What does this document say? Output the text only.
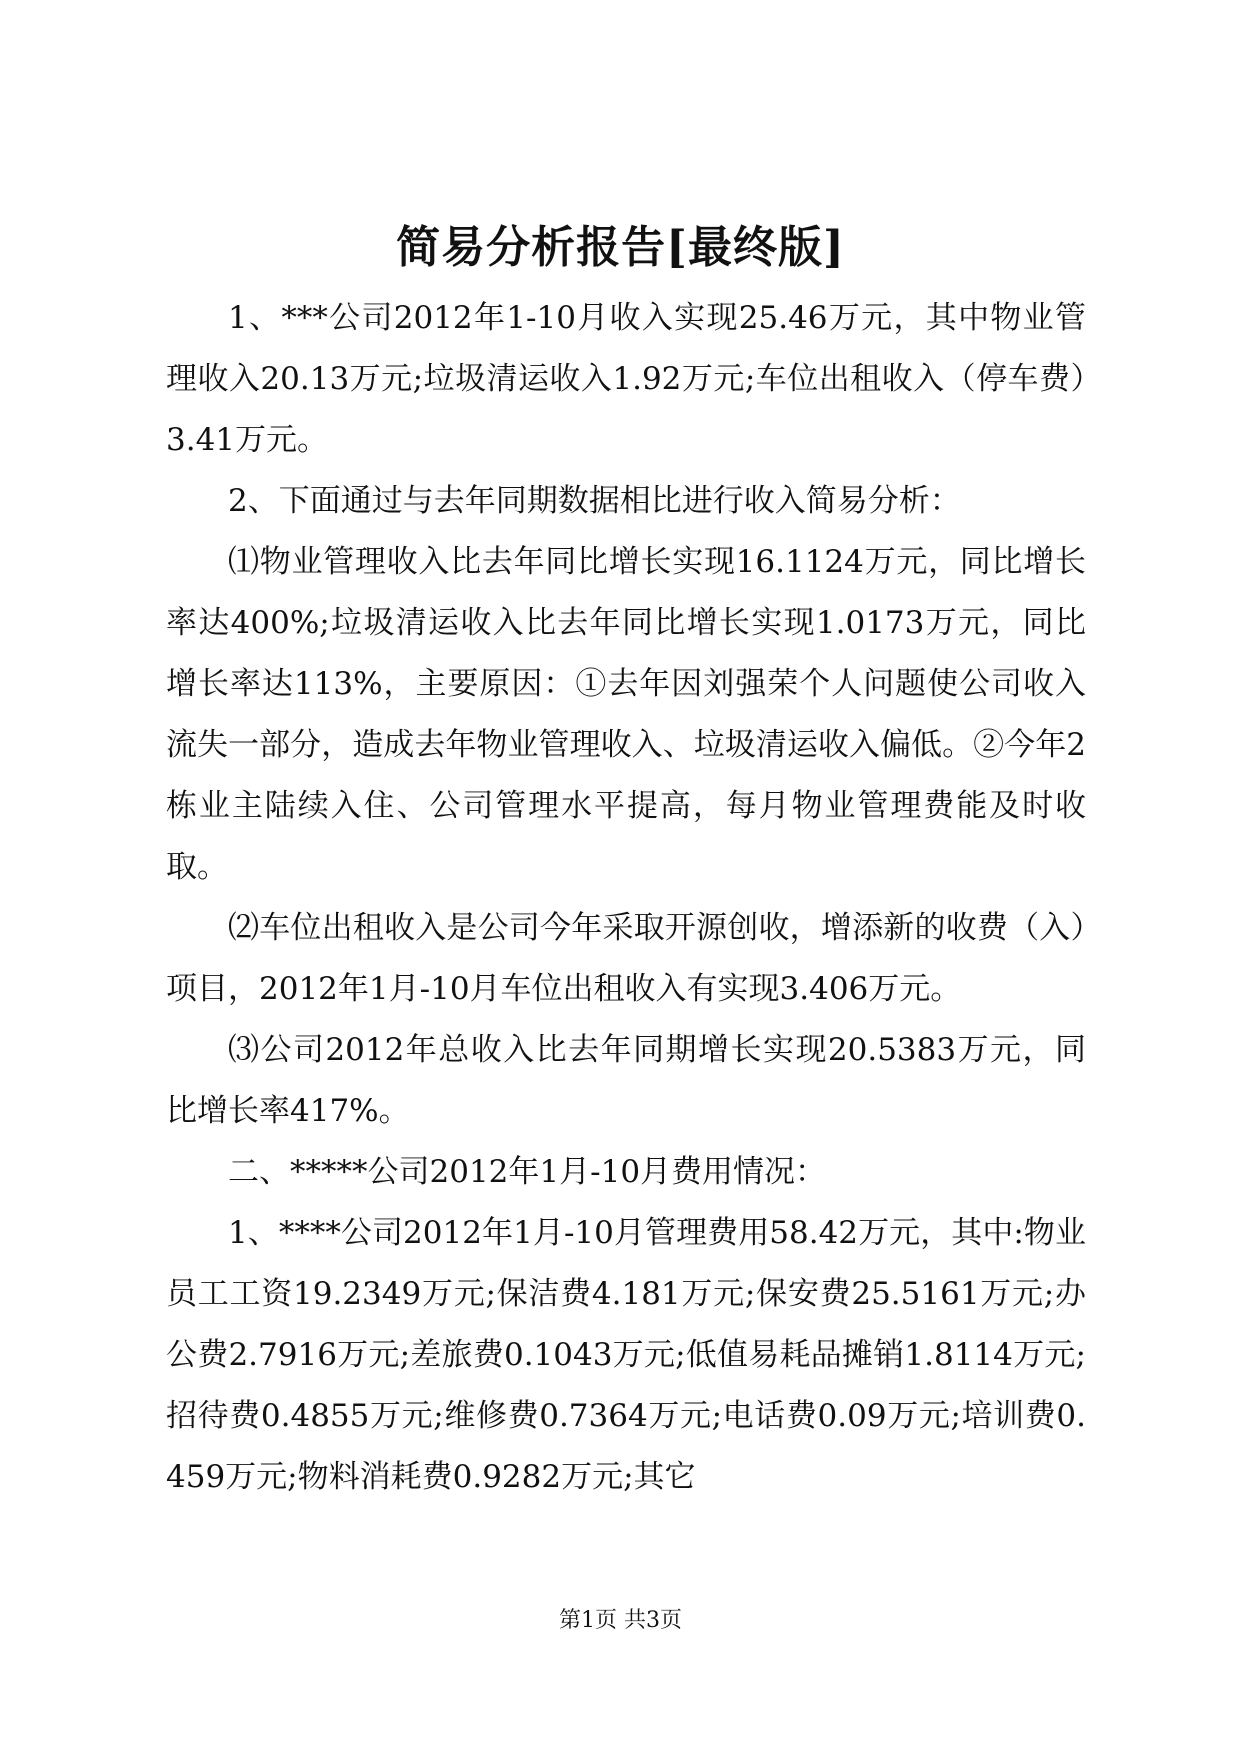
简易分析报告[最终版]

1、***公司2012年1-10月收入实现25.46万元，其中物业管理收入20.13万元;垃圾清运收入1.92万元;车位出租收入（停车费）3.41万元。

2、下面通过与去年同期数据相比进行收入简易分析：

⑴物业管理收入比去年同比增长实现16.1124万元，同比增长率达400%;垃圾清运收入比去年同比增长实现1.0173万元，同比增长率达113%，主要原因：①去年因刘强荣个人问题使公司收入流失一部分，造成去年物业管理收入、垃圾清运收入偏低。②今年2栋业主陆续入住、公司管理水平提高，每月物业管理费能及时收取。

⑵车位出租收入是公司今年采取开源创收，增添新的收费（入）项目，2012年1月-10月车位出租收入有实现3.406万元。

⑶公司2012年总收入比去年同期增长实现20.5383万元，同比增长率417%。

二、*****公司2012年1月-10月费用情况：

1、****公司2012年1月-10月管理费用58.42万元，其中:物业员工工资19.2349万元;保洁费4.181万元;保安费25.5161万元;办公费2.7916万元;差旅费0.1043万元;低值易耗品摊销1.8114万元;招待费0.4855万元;维修费0.7364万元;电话费0.09万元;培训费0.459万元;物料消耗费0.9282万元;其它

第1页 共3页
